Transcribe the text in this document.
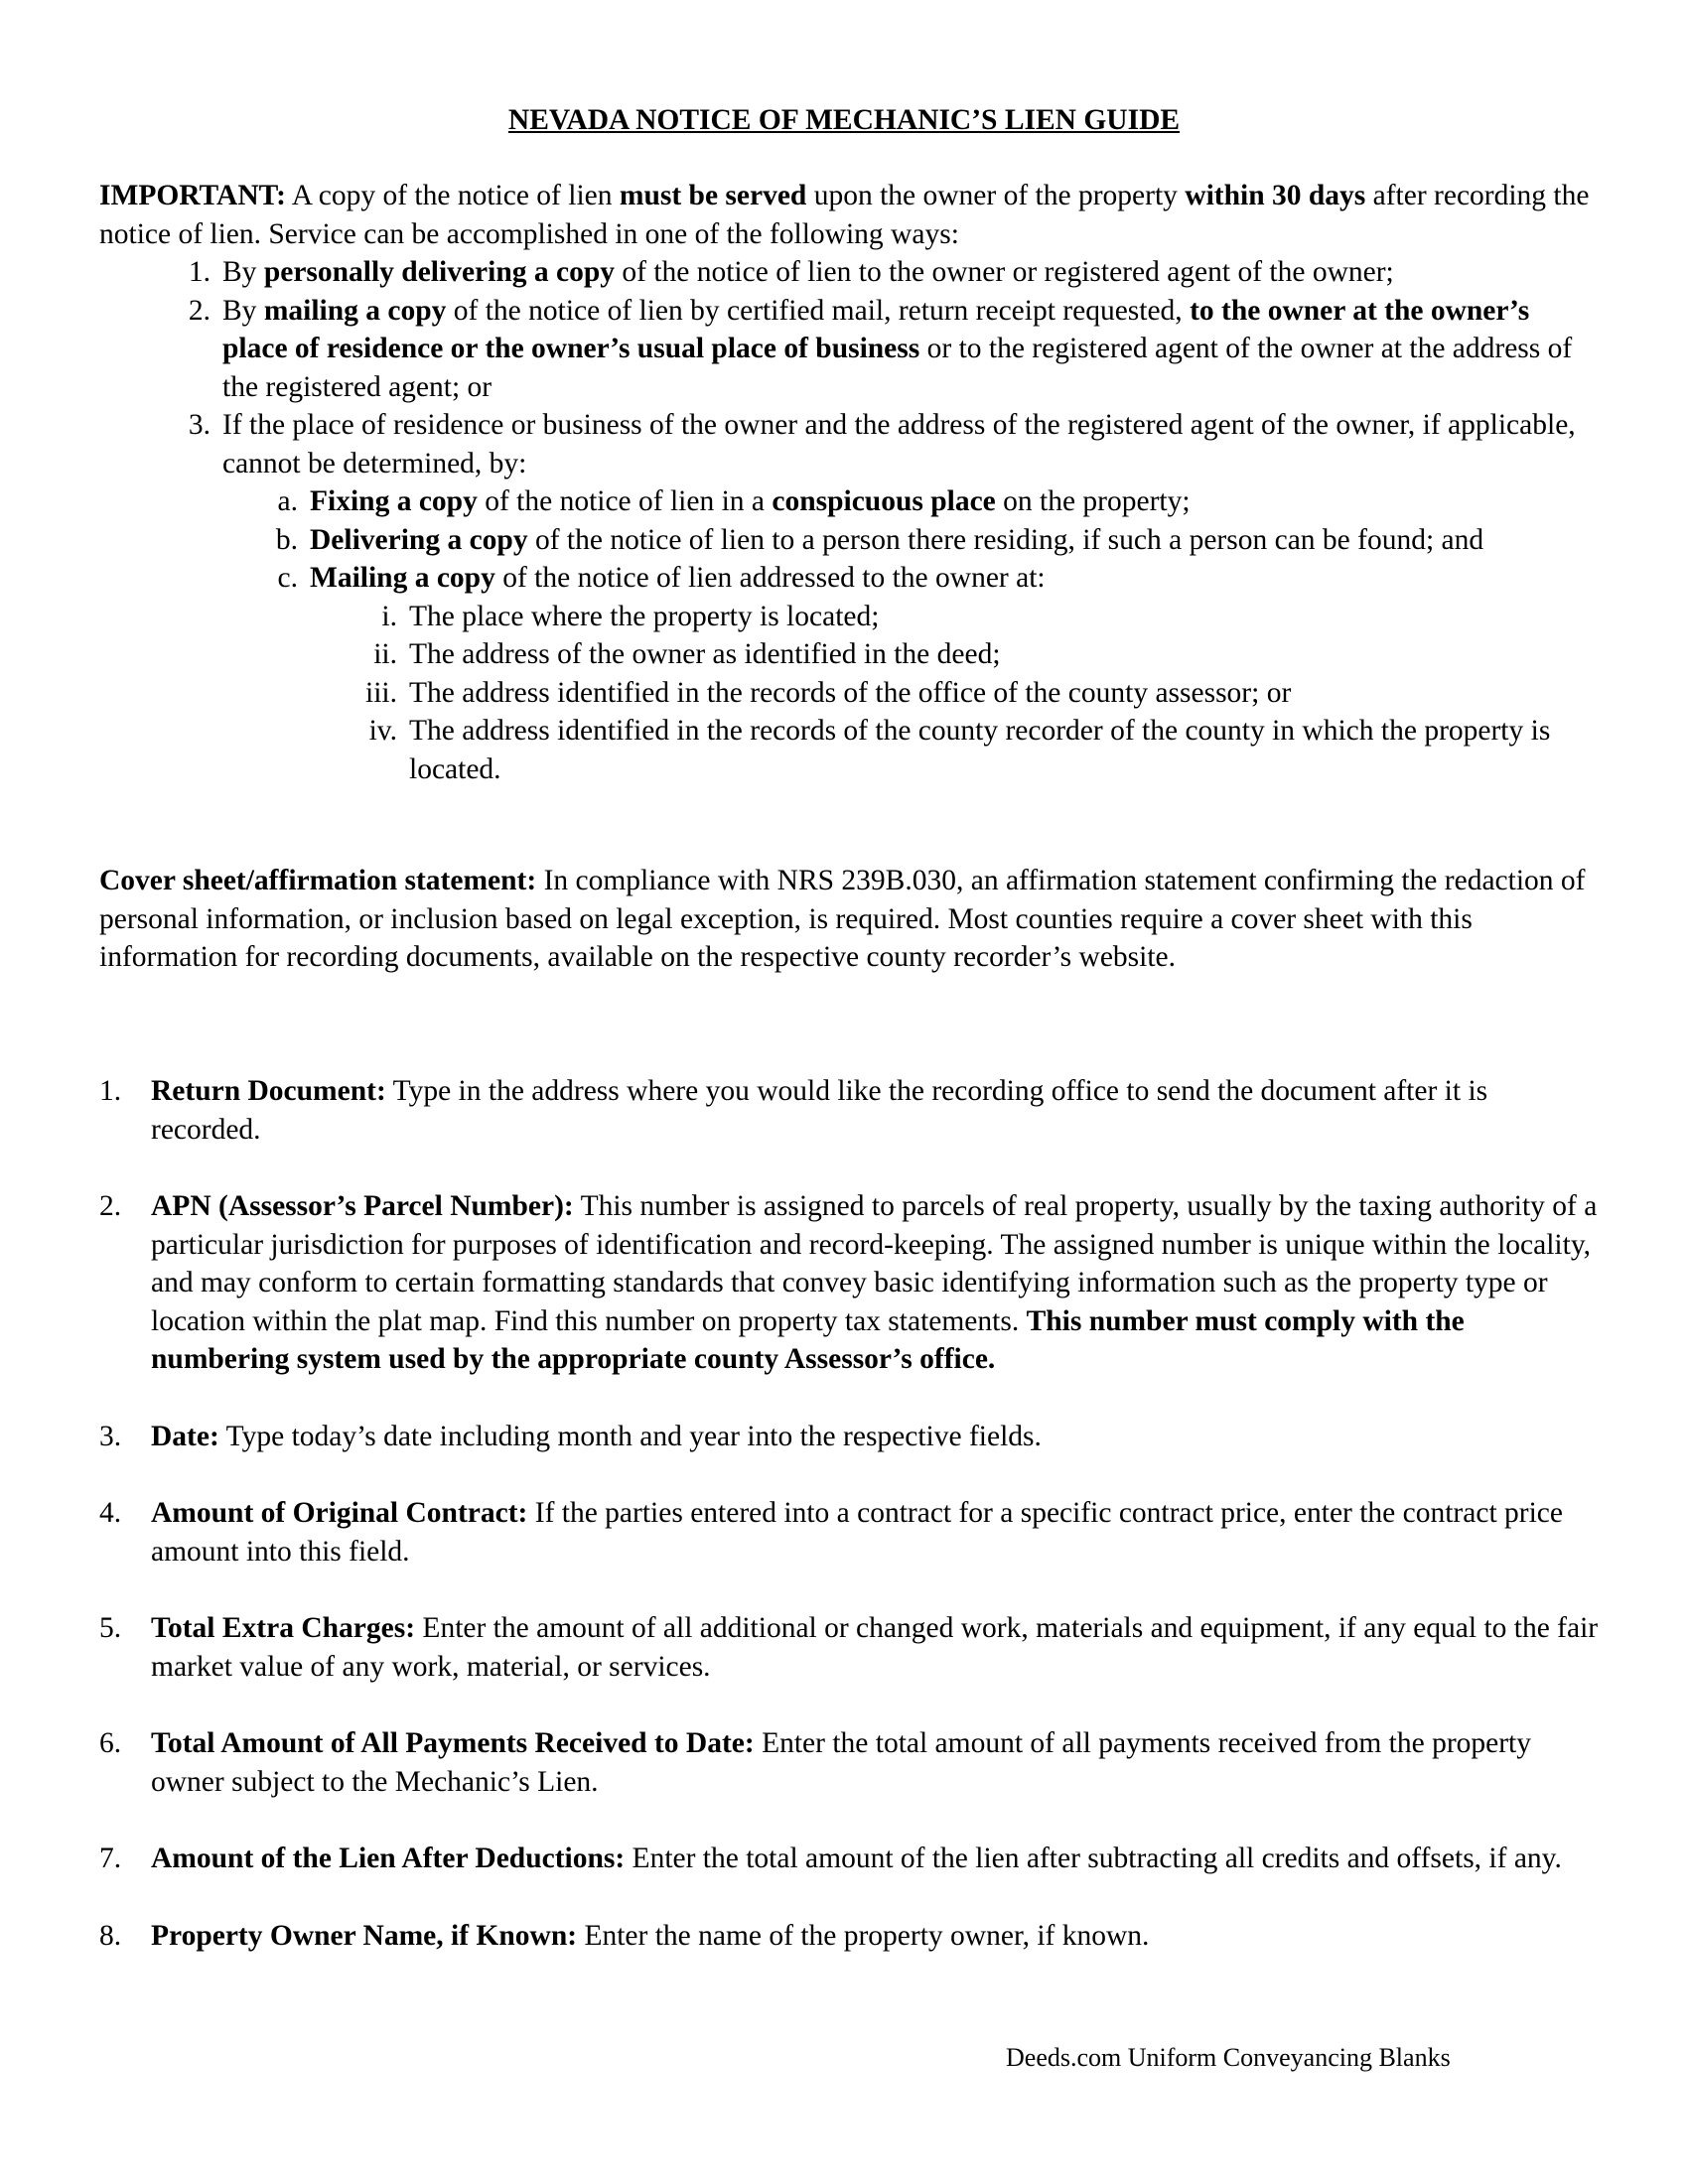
NEVADA NOTICE OF MECHANIC’S LIEN GUIDE

IMPORTANT: A copy of the notice of lien must be served upon the owner of the property within 30 days after recording the notice of lien. Service can be accomplished in one of the following ways:

1. By personally delivering a copy of the notice of lien to the owner or registered agent of the owner;
2. By mailing a copy of the notice of lien by certified mail, return receipt requested, to the owner at the owner’s place of residence or the owner’s usual place of business or to the registered agent of the owner at the address of the registered agent; or
3. If the place of residence or business of the owner and the address of the registered agent of the owner, if applicable, cannot be determined, by:
a. Fixing a copy of the notice of lien in a conspicuous place on the property;
b. Delivering a copy of the notice of lien to a person there residing, if such a person can be found; and
c. Mailing a copy of the notice of lien addressed to the owner at:
i. The place where the property is located;
ii. The address of the owner as identified in the deed;
iii. The address identified in the records of the office of the county assessor; or
iv. The address identified in the records of the county recorder of the county in which the property is located.

Cover sheet/affirmation statement: In compliance with NRS 239B.030, an affirmation statement confirming the redaction of personal information, or inclusion based on legal exception, is required. Most counties require a cover sheet with this information for recording documents, available on the respective county recorder’s website.

1.	Return Document: Type in the address where you would like the recording office to send the document after it is recorded.
2.	APN (Assessor’s Parcel Number): This number is assigned to parcels of real property, usually by the taxing authority of a particular jurisdiction for purposes of identification and record-keeping. The assigned number is unique within the locality, and may conform to certain formatting standards that convey basic identifying information such as the property type or location within the plat map. Find this number on property tax statements. This number must comply with the numbering system used by the appropriate county Assessor’s office.
3.	Date: Type today’s date including month and year into the respective fields.
4.	Amount of Original Contract: If the parties entered into a contract for a specific contract price, enter the contract price amount into this field.
5.	Total Extra Charges: Enter the amount of all additional or changed work, materials and equipment, if any equal to the fair market value of any work, material, or services.
6.	Total Amount of All Payments Received to Date: Enter the total amount of all payments received from the property owner subject to the Mechanic’s Lien.
7.	Amount of the Lien After Deductions: Enter the total amount of the lien after subtracting all credits and offsets, if any.
8.	Property Owner Name, if Known: Enter the name of the property owner, if known.
Deeds.com Uniform Conveyancing Blanks
